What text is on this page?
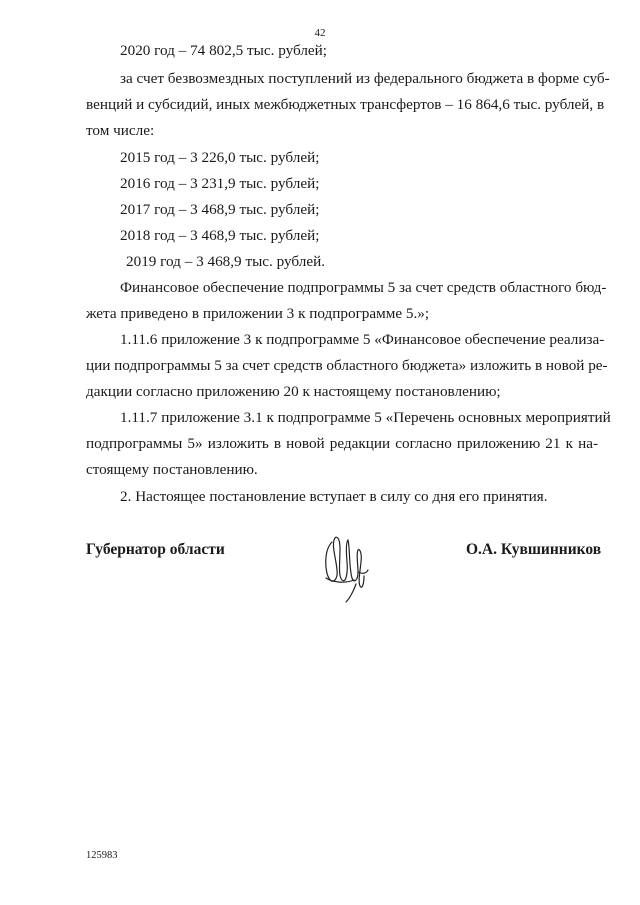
42
2020 год – 74 802,5 тыс. рублей;
за счет безвозмездных поступлений из федерального бюджета в форме суб-
венций и субсидий, иных межбюджетных трансфертов – 16 864,6 тыс. рублей, в
том числе:
2015 год – 3 226,0 тыс. рублей;
2016 год – 3 231,9 тыс. рублей;
2017 год – 3 468,9 тыс. рублей;
2018 год – 3 468,9 тыс. рублей;
2019 год – 3 468,9 тыс. рублей.
Финансовое обеспечение подпрограммы 5 за счет средств областного бюд-
жета приведено в приложении 3 к подпрограмме 5.»;
1.11.6 приложение 3 к подпрограмме 5 «Финансовое обеспечение реализа-
ции подпрограммы 5 за счет средств областного бюджета» изложить в новой ре-
дакции согласно приложению 20 к настоящему постановлению;
1.11.7 приложение 3.1 к подпрограмме 5 «Перечень основных мероприятий
подпрограммы 5» изложить в новой редакции согласно приложению 21 к на-
стоящему постановлению.
2. Настоящее постановление вступает в силу со дня его принятия.
Губернатор области	О.А. Кувшинников
125983
